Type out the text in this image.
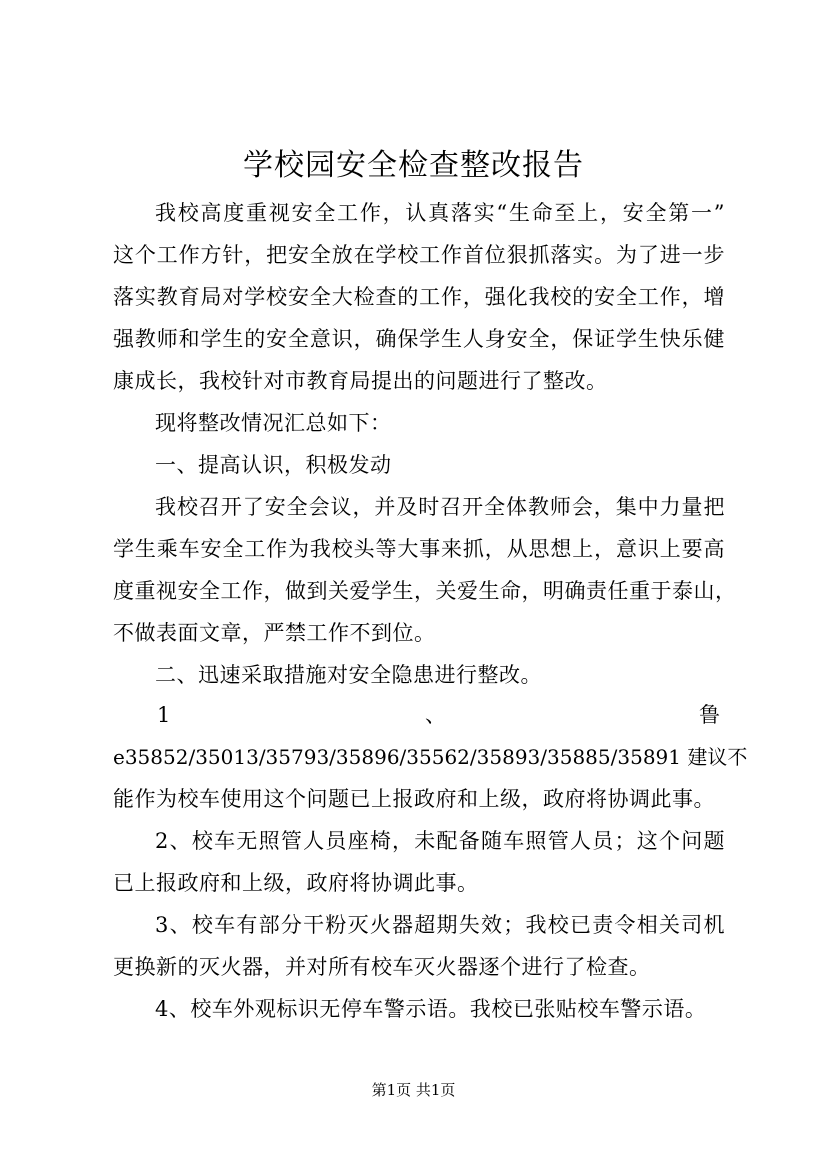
学校园安全检查整改报告
我校高度重视安全工作，认真落实“生命至上，安全第一”
这个工作方针，把安全放在学校工作首位狠抓落实。为了进一步
落实教育局对学校安全大检查的工作，强化我校的安全工作，增
强教师和学生的安全意识，确保学生人身安全，保证学生快乐健
康成长，我校针对市教育局提出的问题进行了整改。
现将整改情况汇总如下：
一、提高认识，积极发动
我校召开了安全会议，并及时召开全体教师会，集中力量把
学生乘车安全工作为我校头等大事来抓，从思想上，意识上要高
度重视安全工作，做到关爱学生，关爱生命，明确责任重于泰山，
不做表面文章，严禁工作不到位。
二、迅速采取措施对安全隐患进行整改。
1	、	鲁
e35852/35013/35793/35896/35562/35893/35885/35891 建议不
能作为校车使用这个问题已上报政府和上级，政府将协调此事。
2、校车无照管人员座椅，未配备随车照管人员；这个问题
已上报政府和上级，政府将协调此事。
3、校车有部分干粉灭火器超期失效；我校已责令相关司机
更换新的灭火器，并对所有校车灭火器逐个进行了检查。
4、校车外观标识无停车警示语。我校已张贴校车警示语。
第1页 共1页
